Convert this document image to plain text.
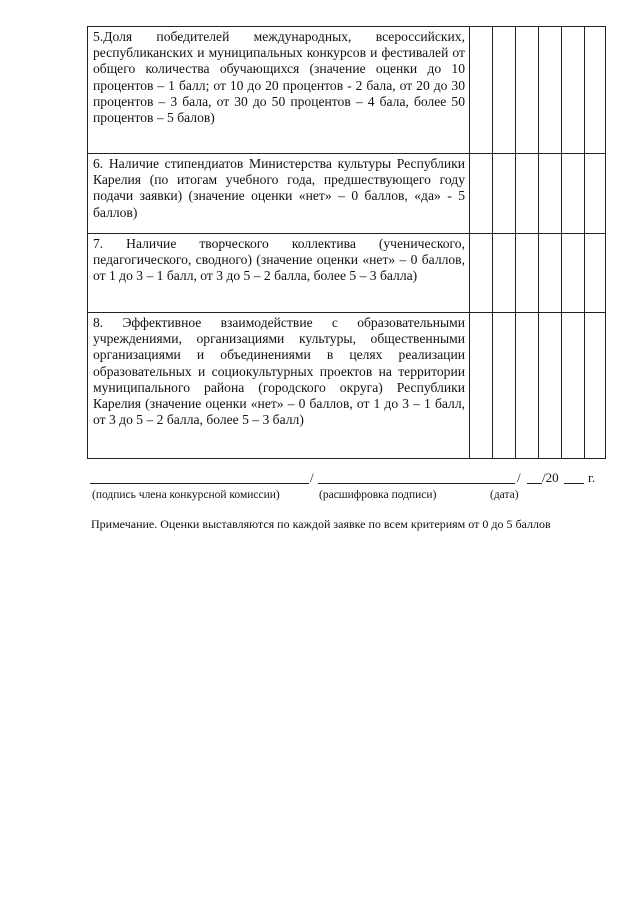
5.Доля победителей международных, всероссийских, республиканских и муниципальных конкурсов и фестивалей от общего количества обучающихся (значение оценки до 10 процентов – 1 балл; от 10 до 20 процентов - 2 бала, от 20 до 30 процентов – 3 бала, от 30 до 50 процентов – 4 бала, более 50 процентов – 5 балов)						
6. Наличие стипендиатов Министерства культуры Республики Карелия (по итогам учебного года, предшествующего году подачи заявки) (значение оценки «нет» – 0 баллов, «да» - 5 баллов)						
7. Наличие творческого коллектива (ученического, педагогического, сводного) (значение оценки «нет» – 0 баллов, от 1 до 3 – 1 балл, от 3 до 5 – 2 балла, более 5 – 3 балла)						
8. Эффективное взаимодействие с образовательными учреждениями, организациями культуры, общественными организациями и объединениями в целях реализации образовательных и социокультурных проектов на территории муниципального района (городского округа) Республики Карелия (значение оценки «нет» – 0 баллов, от 1 до 3 – 1 балл, от 3 до 5 – 2 балла, более 5 – 3 балл)						
/	/ /20 г.
(подпись члена конкурсной комиссии)	(расшифровка подписи)	(дата)
Примечание. Оценки выставляются по каждой заявке по всем критериям от 0 до 5 баллов
